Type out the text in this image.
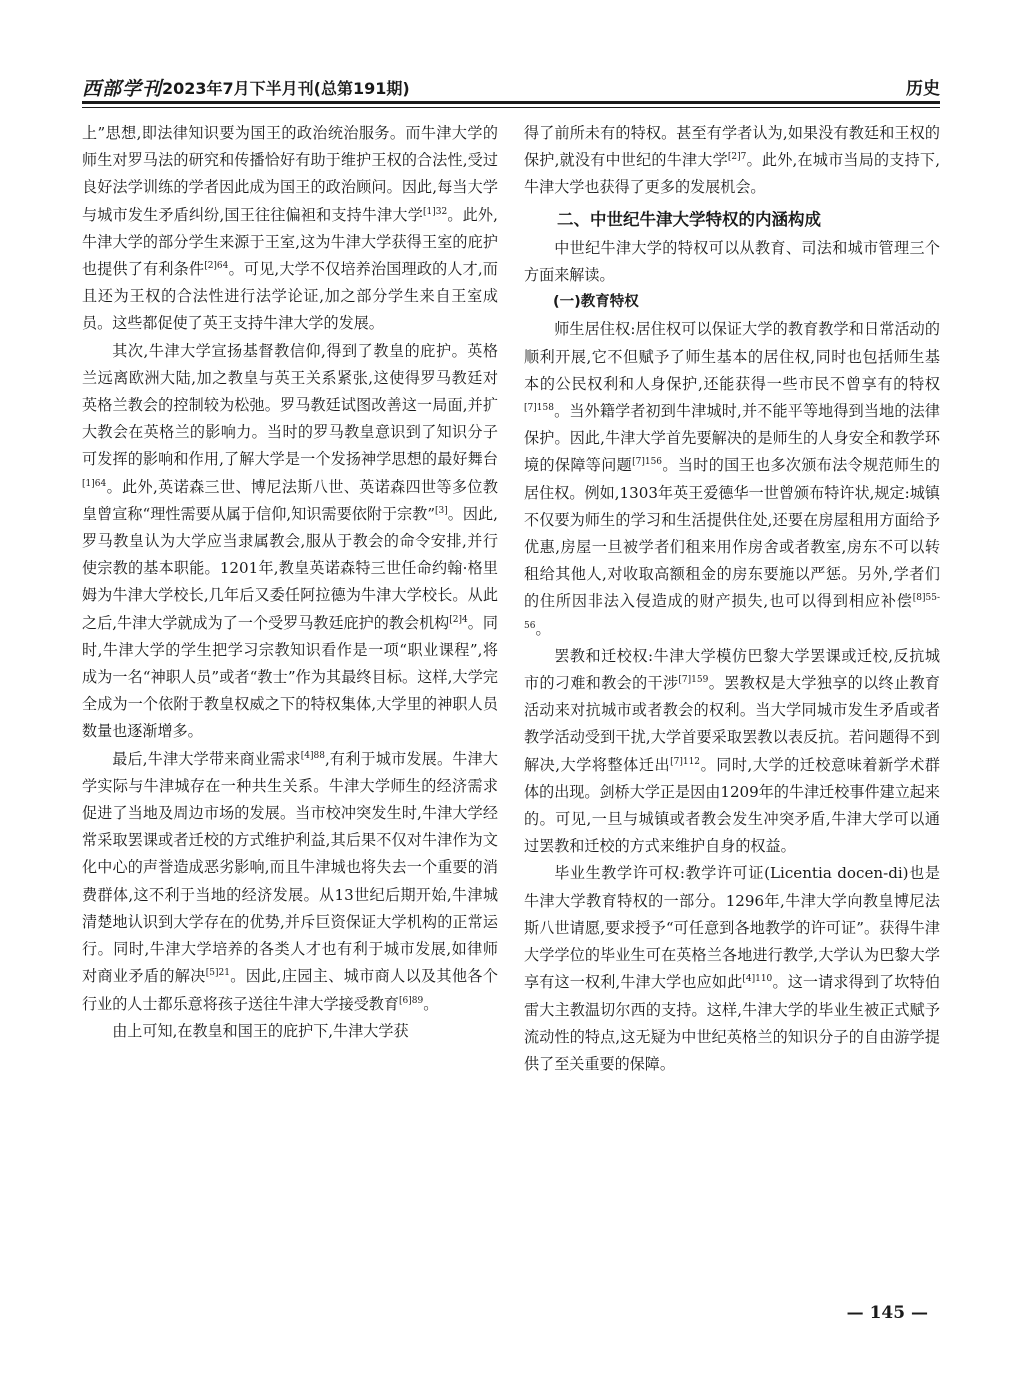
西部学刊 2023年7月下半月刊(总第191期)	历史

上”思想,即法律知识要为国王的政治统治服务。而牛津大学的师生对罗马法的研究和传播恰好有助于维护王权的合法性,受过良好法学训练的学者因此成为国王的政治顾问。因此,每当大学与城市发生矛盾纠纷,国王往往偏袒和支持牛津大学$^{[1]32}$。此外,牛津大学的部分学生来源于王室,这为牛津大学获得王室的庇护也提供了有利条件$^{[2]64}$。可见,大学不仅培养治国理政的人才,而且还为王权的合法性进行法学论证,加之部分学生来自王室成员。这些都促使了英王支持牛津大学的发展。

其次,牛津大学宣扬基督教信仰,得到了教皇的庇护。英格兰远离欧洲大陆,加之教皇与英王关系紧张,这使得罗马教廷对英格兰教会的控制较为松弛。罗马教廷试图改善这一局面,并扩大教会在英格兰的影响力。当时的罗马教皇意识到了知识分子可发挥的影响和作用,了解大学是一个发扬神学思想的最好舞台$^{[1]64}$。此外,英诺森三世、博尼法斯八世、英诺森四世等多位教皇曾宣称“理性需要从属于信仰,知识需要依附于宗教”[3]。因此,罗马教皇认为大学应当隶属教会,服从于教会的命令安排,并行使宗教的基本职能。1201年,教皇英诺森特三世任命约翰·格里姆为牛津大学校长,几年后又委任阿拉德为牛津大学校长。从此之后,牛津大学就成为了一个受罗马教廷庇护的教会机构$^{[2]4}$。同时,牛津大学的学生把学习宗教知识看作是一项“职业课程”,将成为一名“神职人员”或者“教士”作为其最终目标。这样,大学完全成为一个依附于教皇权威之下的特权集体,大学里的神职人员数量也逐渐增多。

最后,牛津大学带来商业需求$^{[4]88}$,有利于城市发展。牛津大学实际与牛津城存在一种共生关系。牛津大学师生的经济需求促进了当地及周边市场的发展。当市校冲突发生时,牛津大学经常采取罢课或者迁校的方式维护利益,其后果不仅对牛津作为文化中心的声誉造成恶劣影响,而且牛津城也将失去一个重要的消费群体,这不利于当地的经济发展。从13世纪后期开始,牛津城清楚地认识到大学存在的优势,并斥巨资保证大学机构的正常运行。同时,牛津大学培养的各类人才也有利于城市发展,如律师对商业矛盾的解决$^{[5]21}$。因此,庄园主、城市商人以及其他各个行业的人士都乐意将孩子送往牛津大学接受教育$^{[6]89}$。

由上可知,在教皇和国王的庇护下,牛津大学获

得了前所未有的特权。甚至有学者认为,如果没有教廷和王权的保护,就没有中世纪的牛津大学$^{[2]7}$。此外,在城市当局的支持下,牛津大学也获得了更多的发展机会。

二、中世纪牛津大学特权的内涵构成

中世纪牛津大学的特权可以从教育、司法和城市管理三个方面来解读。

(一)教育特权

师生居住权:居住权可以保证大学的教育教学和日常活动的顺利开展,它不但赋予了师生基本的居住权,同时也包括师生基本的公民权利和人身保护,还能获得一些市民不曾享有的特权$^{[7]158}$。当外籍学者初到牛津城时,并不能平等地得到当地的法律保护。因此,牛津大学首先要解决的是师生的人身安全和教学环境的保障等问题$^{[7]156}$。当时的国王也多次颁布法令规范师生的居住权。例如,1303年英王爱德华一世曾颁布特许状,规定:城镇不仅要为师生的学习和生活提供住处,还要在房屋租用方面给予优惠,房屋一旦被学者们租来用作房舍或者教室,房东不可以转租给其他人,对收取高额租金的房东要施以严惩。另外,学者们的住所因非法入侵造成的财产损失,也可以得到相应补偿$^{[8]55-56}$。

罢教和迁校权:牛津大学模仿巴黎大学罢课或迁校,反抗城市的刁难和教会的干涉$^{[7]159}$。罢教权是大学独享的以终止教育活动来对抗城市或者教会的权利。当大学同城市发生矛盾或者教学活动受到干扰,大学首要采取罢教以表反抗。若问题得不到解决,大学将整体迁出$^{[7]112}$。同时,大学的迁校意味着新学术群体的出现。剑桥大学正是因由1209年的牛津迁校事件建立起来的。可见,一旦与城镇或者教会发生冲突矛盾,牛津大学可以通过罢教和迁校的方式来维护自身的权益。

毕业生教学许可权:教学许可证(Licentia docen-di)也是牛津大学教育特权的一部分。1296年,牛津大学向教皇博尼法斯八世请愿,要求授予“可任意到各地教学的许可证”。获得牛津大学学位的毕业生可在英格兰各地进行教学,大学认为巴黎大学享有这一权利,牛津大学也应如此$^{[4]110}$。这一请求得到了坎特伯雷大主教温切尔西的支持。这样,牛津大学的毕业生被正式赋予流动性的特点,这无疑为中世纪英格兰的知识分子的自由游学提供了至关重要的保障。

— 145 —
